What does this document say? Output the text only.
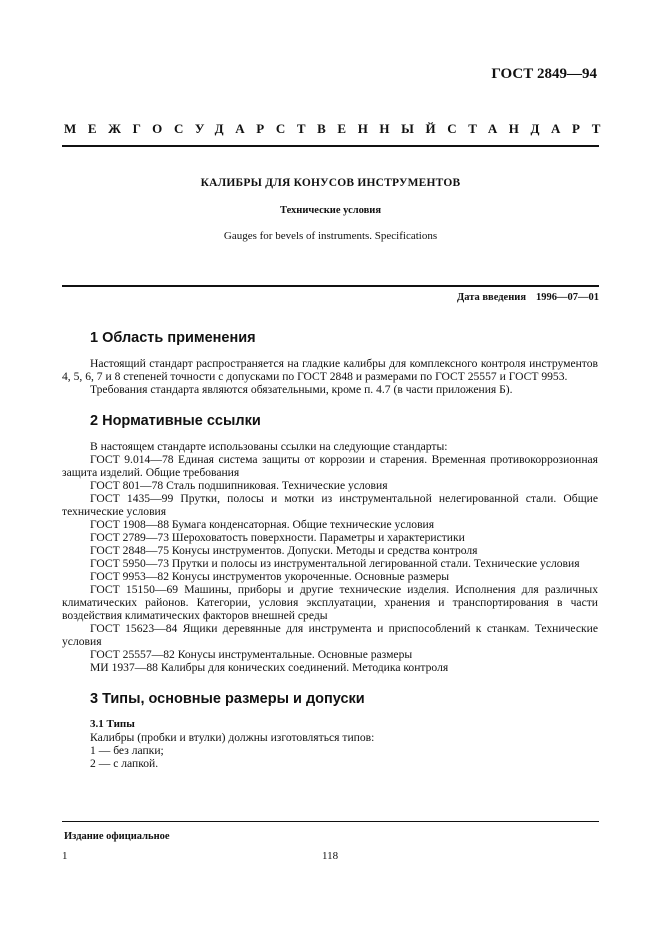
ГОСТ 2849—94
МЕЖГОСУДАРСТВЕННЫЙ СТАНДАРТ
КАЛИБРЫ ДЛЯ КОНУСОВ ИНСТРУМЕНТОВ
Технические условия
Gauges for bevels of instruments. Specifications
Дата введения 1996—07—01
1 Область применения

Настоящий стандарт распространяется на гладкие калибры для комплексного контроля инструментов 4, 5, 6, 7 и 8 степеней точности с допусками по ГОСТ 2848 и размерами по ГОСТ 25557 и ГОСТ 9953.

Требования стандарта являются обязательными, кроме п. 4.7 (в части приложения Б).

2 Нормативные ссылки

В настоящем стандарте использованы ссылки на следующие стандарты:

ГОСТ 9.014—78 Единая система защиты от коррозии и старения. Временная противокоррозионная защита изделий. Общие требования

ГОСТ 801—78 Сталь подшипниковая. Технические условия

ГОСТ 1435—99 Прутки, полосы и мотки из инструментальной нелегированной стали. Общие технические условия

ГОСТ 1908—88 Бумага конденсаторная. Общие технические условия

ГОСТ 2789—73 Шероховатость поверхности. Параметры и характеристики

ГОСТ 2848—75 Конусы инструментов. Допуски. Методы и средства контроля

ГОСТ 5950—73 Прутки и полосы из инструментальной легированной стали. Технические условия

ГОСТ 9953—82 Конусы инструментов укороченные. Основные размеры

ГОСТ 15150—69 Машины, приборы и другие технические изделия. Исполнения для различных климатических районов. Категории, условия эксплуатации, хранения и транспортирования в части воздействия климатических факторов внешней среды

ГОСТ 15623—84 Ящики деревянные для инструмента и приспособлений к станкам. Технические условия

ГОСТ 25557—82 Конусы инструментальные. Основные размеры

МИ 1937—88 Калибры для конических соединений. Методика контроля

3 Типы, основные размеры и допуски

3.1 Типы

Калибры (пробки и втулки) должны изготовляться типов:

1 — без лапки;

2 — с лапкой.

Издание официальное
1	118
